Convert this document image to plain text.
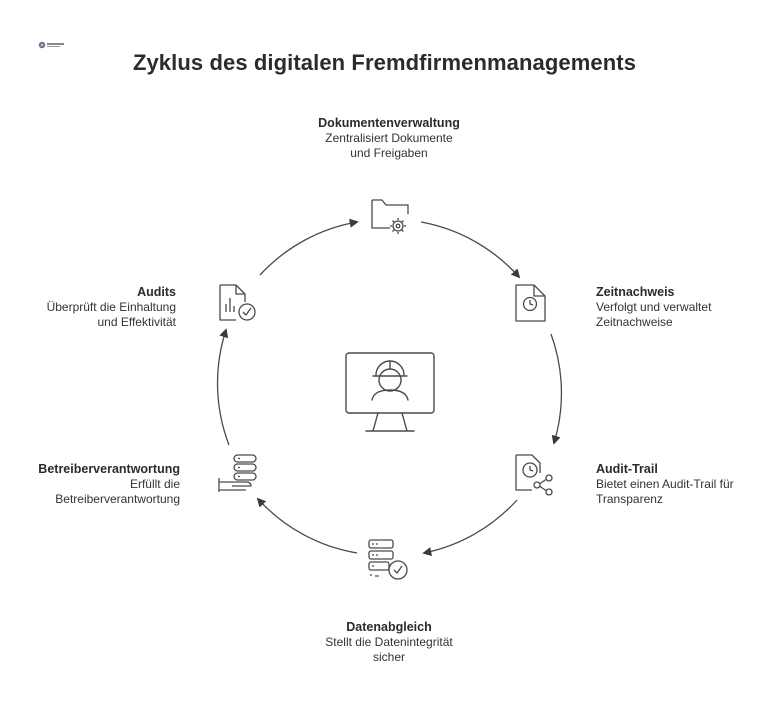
Zyklus des digitalen Fremdfirmenmanagements
Dokumentenverwaltung
Zentralisiert Dokumente
und Freigaben
Zeitnachweis
Verfolgt und verwaltet
Zeitnachweise
Audit-Trail
Bietet einen Audit-Trail für
Transparenz
Datenabgleich
Stellt die Datenintegrität
sicher
Betreiberverantwortung
Erfüllt die
Betreiberverantwortung
Audits
Überprüft die Einhaltung
und Effektivität
